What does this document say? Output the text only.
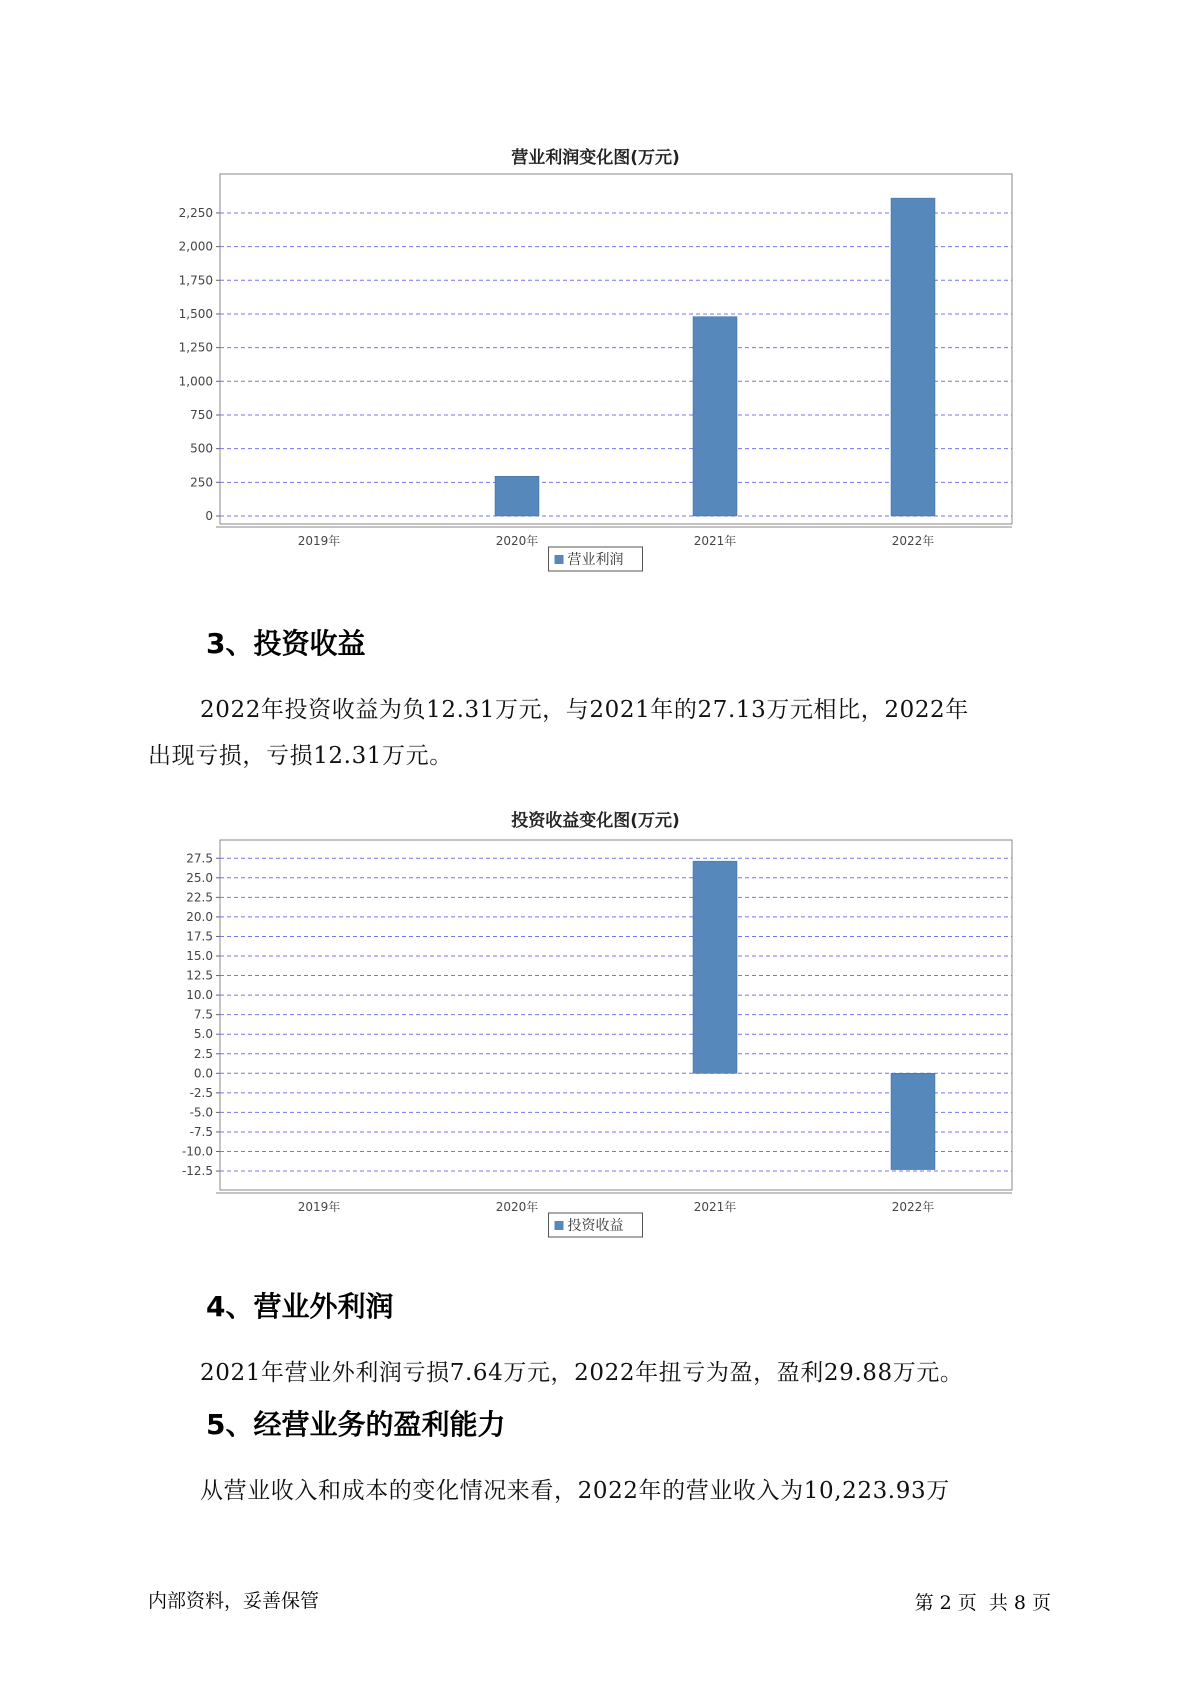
营业利润变化图(万元)
0
250
500
750
1,000
1,250
1,500
1,750
2,000
2,250
2019年	2020年	2021年	2022年
营业利润
3、投资收益

2022年投资收益为负12.31万元，与2021年的27.13万元相比，2022年

出现亏损，亏损12.31万元。

投资收益变化图(万元)
27.5
25.0
22.5
20.0
17.5
15.0
12.5
10.0
7.5
5.0
2.5
0.0
-2.5
-5.0
-7.5
-10.0
-12.5
2019年	2020年	2021年	2022年
投资收益
4、营业外利润

2021年营业外利润亏损7.64万元，2022年扭亏为盈，盈利29.88万元。

5、经营业务的盈利能力

从营业收入和成本的变化情况来看，2022年的营业收入为10,223.93万

内部资料，妥善保管	第 2 页  共 8 页
